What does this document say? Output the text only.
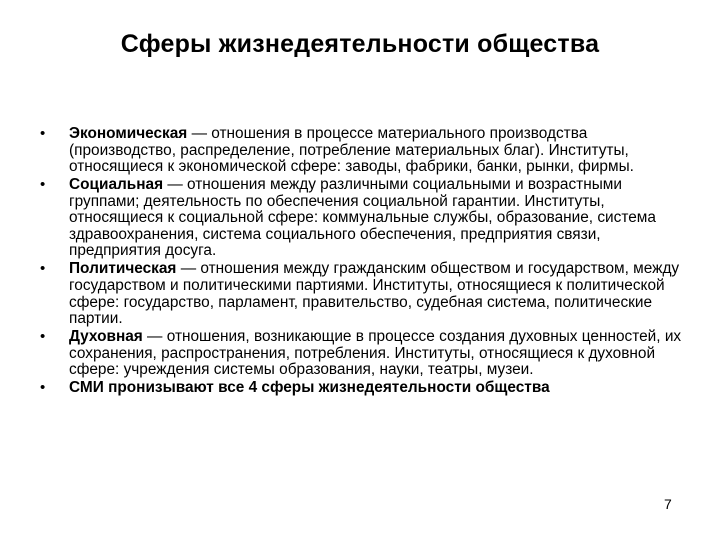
Сферы жизнедеятельности общества
•	Экономическая — отношения в процессе материального производства (производство, распределение, потребление материальных благ). Институты, относящиеся к экономической сфере: заводы, фабрики, банки, рынки, фирмы.
•	Социальная — отношения между различными социальными и возрастными группами; деятельность по обеспечения социальной гарантии. Институты, относящиеся к социальной сфере: коммунальные службы, образование, система здравоохранения, система социального обеспечения, предприятия связи, предприятия досуга.
•	Политическая — отношения между гражданским обществом и государством, между государством и политическими партиями. Институты, относящиеся к политической сфере: государство, парламент, правительство, судебная система, политические партии.
•	Духовная — отношения, возникающие в процессе создания духовных ценностей, их сохранения, распространения, потребления. Институты, относящиеся к духовной сфере: учреждения системы образования, науки, театры, музеи.
•	СМИ пронизывают все 4 сферы жизнедеятельности общества
7
